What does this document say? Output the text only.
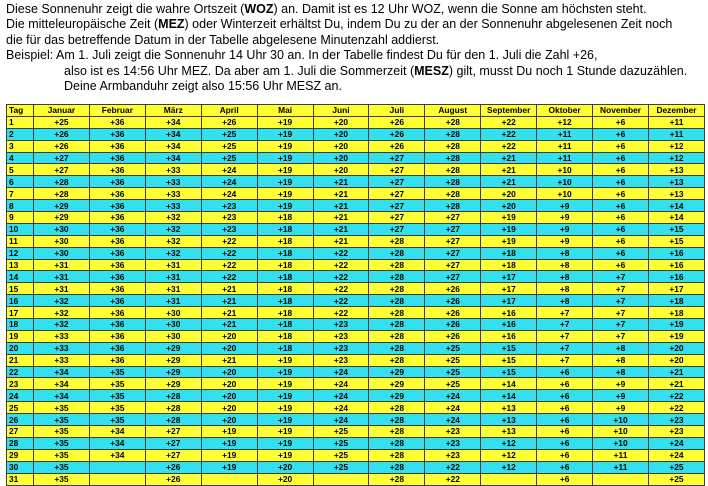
Diese Sonnenuhr zeigt die wahre Ortszeit (WOZ) an. Damit ist es 12 Uhr WOZ, wenn die Sonne am höchsten steht.

Die mitteleuropäische Zeit (MEZ) oder Winterzeit erhältst Du, indem Du zu der an der Sonnenuhr abgelesenen Zeit noch

die für das betreffende Datum in der Tabelle abgelesene Minutenzahl addierst.

Beispiel: Am 1. Juli zeigt die Sonnenuhr 14 Uhr 30 an. In der Tabelle findest Du für den 1. Juli die Zahl +26,

also ist es 14:56 Uhr MEZ. Da aber am 1. Juli die Sommerzeit (MESZ) gilt, musst Du noch 1 Stunde dazuzählen.

Deine Armbanduhr zeigt also 15:56 Uhr MESZ an.

Tag	Januar	Februar	März	April	Mai	Juni	Juli	August	September	Oktober	November	Dezember
1	+25	+36	+34	+26	+19	+20	+26	+28	+22	+12	+6	+11
2	+26	+36	+34	+25	+19	+20	+26	+28	+22	+11	+6	+11
3	+26	+36	+34	+25	+19	+20	+26	+28	+22	+11	+6	+12
4	+27	+36	+34	+25	+19	+20	+27	+28	+21	+11	+6	+12
5	+27	+36	+33	+24	+19	+20	+27	+28	+21	+10	+6	+13
6	+28	+36	+33	+24	+19	+21	+27	+28	+21	+10	+6	+13
7	+28	+36	+33	+24	+19	+21	+27	+28	+20	+10	+6	+13
8	+29	+36	+33	+23	+19	+21	+27	+28	+20	+9	+6	+14
9	+29	+36	+32	+23	+18	+21	+27	+27	+19	+9	+6	+14
10	+30	+36	+32	+23	+18	+21	+27	+27	+19	+9	+6	+15
11	+30	+36	+32	+22	+18	+21	+28	+27	+19	+9	+6	+15
12	+30	+36	+32	+22	+18	+22	+28	+27	+18	+8	+6	+16
13	+31	+36	+31	+22	+18	+22	+28	+27	+18	+8	+6	+16
14	+31	+36	+31	+22	+18	+22	+28	+27	+17	+8	+7	+16
15	+31	+36	+31	+21	+18	+22	+28	+26	+17	+8	+7	+17
16	+32	+36	+31	+21	+18	+22	+28	+26	+17	+8	+7	+18
17	+32	+36	+30	+21	+18	+22	+28	+26	+16	+7	+7	+18
18	+32	+36	+30	+21	+18	+23	+28	+26	+16	+7	+7	+19
19	+33	+36	+30	+20	+18	+23	+28	+26	+16	+7	+7	+19
20	+33	+36	+29	+20	+18	+23	+28	+25	+15	+7	+8	+20
21	+33	+36	+29	+21	+19	+23	+28	+25	+15	+7	+8	+20
22	+34	+35	+29	+20	+19	+24	+29	+25	+15	+6	+8	+21
23	+34	+35	+29	+20	+19	+24	+29	+25	+14	+6	+9	+21
24	+34	+35	+28	+20	+19	+24	+29	+24	+14	+6	+9	+22
25	+35	+35	+28	+20	+19	+24	+28	+24	+13	+6	+9	+22
26	+35	+35	+28	+20	+19	+24	+28	+24	+13	+6	+10	+23
27	+35	+34	+27	+19	+19	+25	+28	+23	+13	+6	+10	+23
28	+35	+34	+27	+19	+19	+25	+28	+23	+12	+6	+10	+24
29	+35	+34	+27	+19	+19	+25	+28	+23	+12	+6	+11	+24
30	+35		+26	+19	+20	+25	+28	+22	+12	+6	+11	+25
31	+35		+26		+20		+28	+22		+6		+25
